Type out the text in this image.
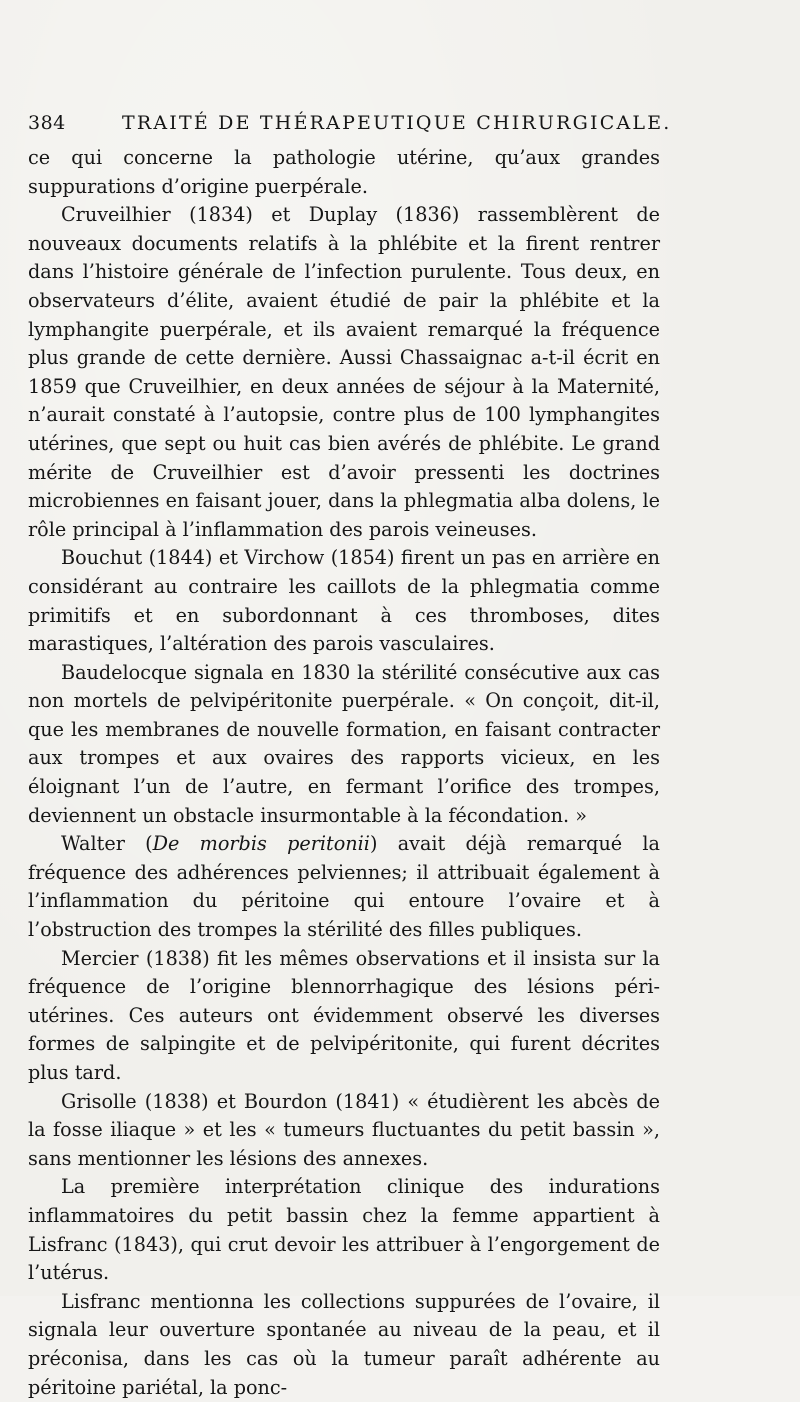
384	TRAITÉ DE THÉRAPEUTIQUE CHIRURGICALE.

ce qui concerne la pathologie utérine, qu’aux grandes suppurations d’origine puerpérale.

Cruveilhier (1834) et Duplay (1836) rassemblèrent de nouveaux documents relatifs à la phlébite et la firent rentrer dans l’histoire générale de l’infection purulente. Tous deux, en observateurs d’élite, avaient étudié de pair la phlébite et la lymphangite puerpérale, et ils avaient remarqué la fréquence plus grande de cette dernière. Aussi Chassaignac a-t-il écrit en 1859 que Cruveilhier, en deux années de séjour à la Maternité, n’aurait constaté à l’autopsie, contre plus de 100 lymphangites utérines, que sept ou huit cas bien avérés de phlébite. Le grand mérite de Cruveilhier est d’avoir pressenti les doctrines microbiennes en faisant jouer, dans la phlegmatia alba dolens, le rôle principal à l’inflammation des parois veineuses.

Bouchut (1844) et Virchow (1854) firent un pas en arrière en considérant au contraire les caillots de la phlegmatia comme primitifs et en subordonnant à ces thromboses, dites marastiques, l’altération des parois vasculaires.

Baudelocque signala en 1830 la stérilité consécutive aux cas non mortels de pelvipéritonite puerpérale. « On conçoit, dit-il, que les membranes de nouvelle formation, en faisant contracter aux trompes et aux ovaires des rapports vicieux, en les éloignant l’un de l’autre, en fermant l’orifice des trompes, deviennent un obstacle insurmontable à la fécondation. »

Walter (De morbis peritonii) avait déjà remarqué la fréquence des adhérences pelviennes; il attribuait également à l’inflammation du péritoine qui entoure l’ovaire et à l’obstruction des trompes la stérilité des filles publiques.

Mercier (1838) fit les mêmes observations et il insista sur la fréquence de l’origine blennorrhagique des lésions péri-utérines. Ces auteurs ont évidemment observé les diverses formes de salpingite et de pelvipéritonite, qui furent décrites plus tard.

Grisolle (1838) et Bourdon (1841) « étudièrent les abcès de la fosse iliaque » et les « tumeurs fluctuantes du petit bassin », sans mentionner les lésions des annexes.

La première interprétation clinique des indurations inflammatoires du petit bassin chez la femme appartient à Lisfranc (1843), qui crut devoir les attribuer à l’engorgement de l’utérus.

Lisfranc mentionna les collections suppurées de l’ovaire, il signala leur ouverture spontanée au niveau de la peau, et il préconisa, dans les cas où la tumeur paraît adhérente au péritoine pariétal, la ponc-
